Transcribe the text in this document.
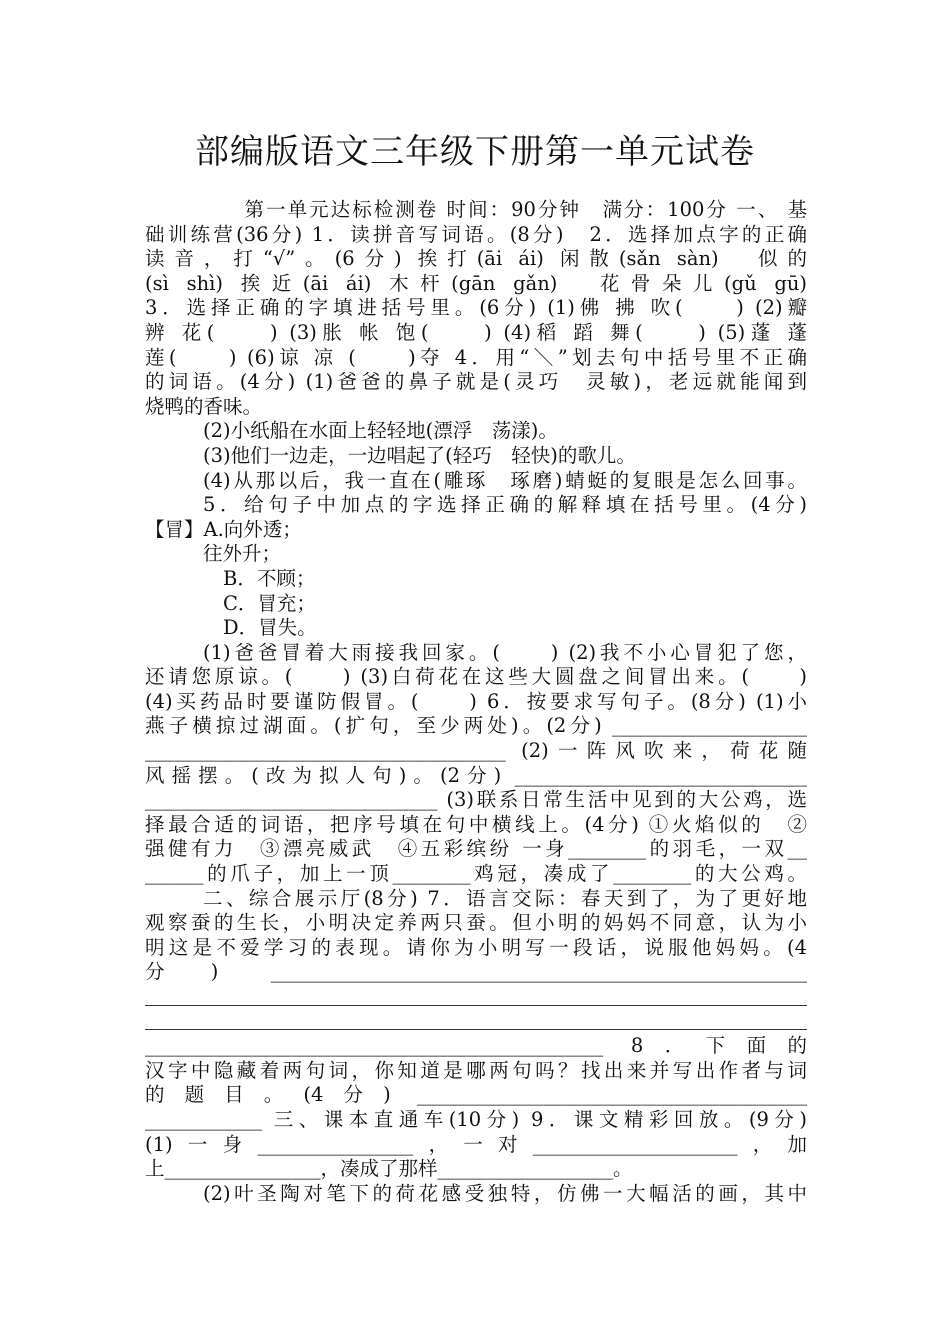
部编版语文三年级下册第一单元试卷
　第一单元达标检测卷 时间：90分钟　满分：100分 一、 基
础训练营(36分) 1．读拼音写词语。(8分)　2．选择加点字的正确
读音，打“√”。(6分) 挨打(āi ái) 闲散(sǎn sàn)　似的
(sì shì) 挨近(āi ái) 木杆(gān gǎn)　花骨朵儿(gǔ gū)
3．选择正确的字填进括号里。(6分) (1)佛 拂 吹(　　) (2)瓣
辨 花(　　) (3)胀 帐 饱(　　) (4)稻 蹈 舞(　　) (5)蓬 蓬
莲(　　) (6)谅 凉 (　　)夺 4．用“＼”划去句中括号里不正确
的词语。(4分) (1)爸爸的鼻子就是(灵巧　灵敏)，老远就能闻到
烧鸭的香味。
(2)小纸船在水面上轻轻地(漂浮　荡漾)。
(3)他们一边走，一边唱起了(轻巧　轻快)的歌儿。
(4)从那以后，我一直在(雕琢　琢磨)蜻蜓的复眼是怎么回事。
5．给句子中加点的字选择正确的解释填在括号里。(4分)
【冒】A.向外透；
往外升；
B．不顾；
C．冒充；
D．冒失。
(1)爸爸冒着大雨接我回家。(　　) (2)我不小心冒犯了您，
还请您原谅。(　　) (3)白荷花在这些大圆盘之间冒出来。(　　)
(4)买药品时要谨防假冒。(　　) 6．按要求写句子。(8分) (1)小
燕子横掠过湖面。(扩句，至少两处)。(2分) ____________________
_____________________________________ (2)一阵风吹来，荷花随
风摇摆。(改为拟人句)。(2分) ______________________________
______________________________ (3)联系日常生活中见到的大公鸡，选
择最合适的词语，把序号填在句中横线上。(4分) ①火焰似的　②
强健有力　③漂亮威武　④五彩缤纷 一身________的羽毛，一双__
______的爪子，加上一顶________鸡冠，凑成了________的大公鸡。
二、综合展示厅(8分) 7．语言交际：春天到了，为了更好地
观察蚕的生长，小明决定养两只蚕。但小明的妈妈不同意，认为小
明这是不爱学习的表现。请你为小明写一段话，说服他妈妈。(4
分) _______________________________________________________
_______________________________________________ 8．下面的
汉字中隐藏着两句词，你知道是哪两句吗？找出来并写出作者与词
的题目。(4分) ________________________________________
____________ 三、课本直通车(10分) 9．课文精彩回放。(9分)
(1)一身________________，一对_____________________，加
上________________，凑成了那样__________________。
(2)叶圣陶对笔下的荷花感受独特，仿佛一大幅活的画，其中
